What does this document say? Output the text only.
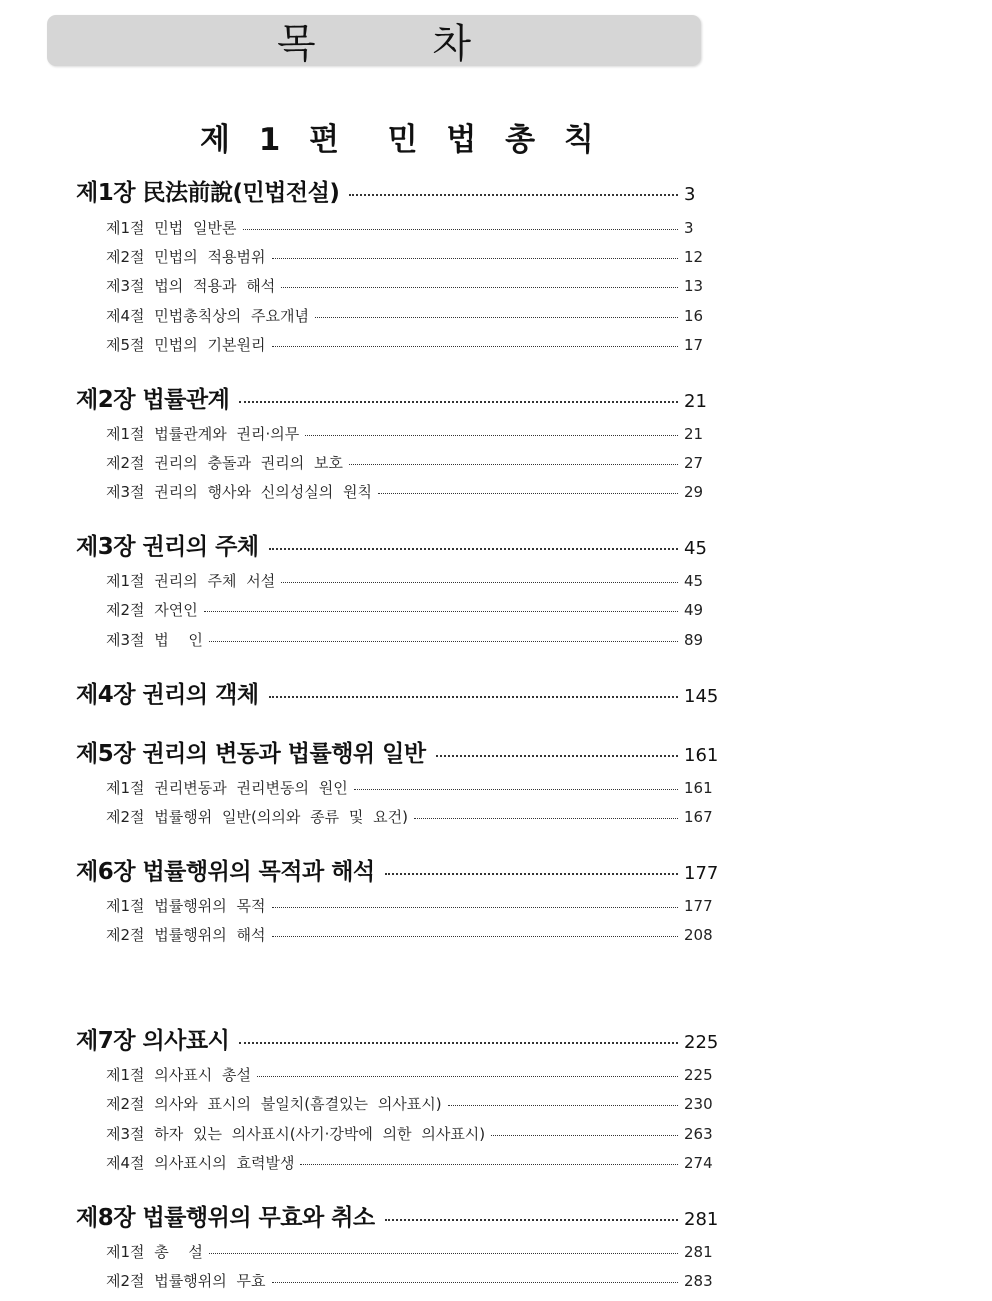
목 차
제 1 편  민 법 총 칙
제1장 民法前說(민법전설)	3
제1절 민법 일반론	3
제2절 민법의 적용범위	12
제3절 법의 적용과 해석	13
제4절 민법총칙상의 주요개념	16
제5절 민법의 기본원리	17
제2장 법률관계	21
제1절 법률관계와 권리·의무	21
제2절 권리의 충돌과 권리의 보호	27
제3절 권리의 행사와 신의성실의 원칙	29
제3장 권리의 주체	45
제1절 권리의 주체 서설	45
제2절 자연인	49
제3절 법  인	89
제4장 권리의 객체	145
제5장 권리의 변동과 법률행위 일반	161
제1절 권리변동과 권리변동의 원인	161
제2절 법률행위 일반(의의와 종류 및 요건)	167
제6장 법률행위의 목적과 해석	177
제1절 법률행위의 목적	177
제2절 법률행위의 해석	208
제7장 의사표시	225
제1절 의사표시 총설	225
제2절 의사와 표시의 불일치(흠결있는 의사표시)	230
제3절 하자 있는 의사표시(사기·강박에 의한 의사표시)	263
제4절 의사표시의 효력발생	274
제8장 법률행위의 무효와 취소	281
제1절 총  설	281
제2절 법률행위의 무효	283
